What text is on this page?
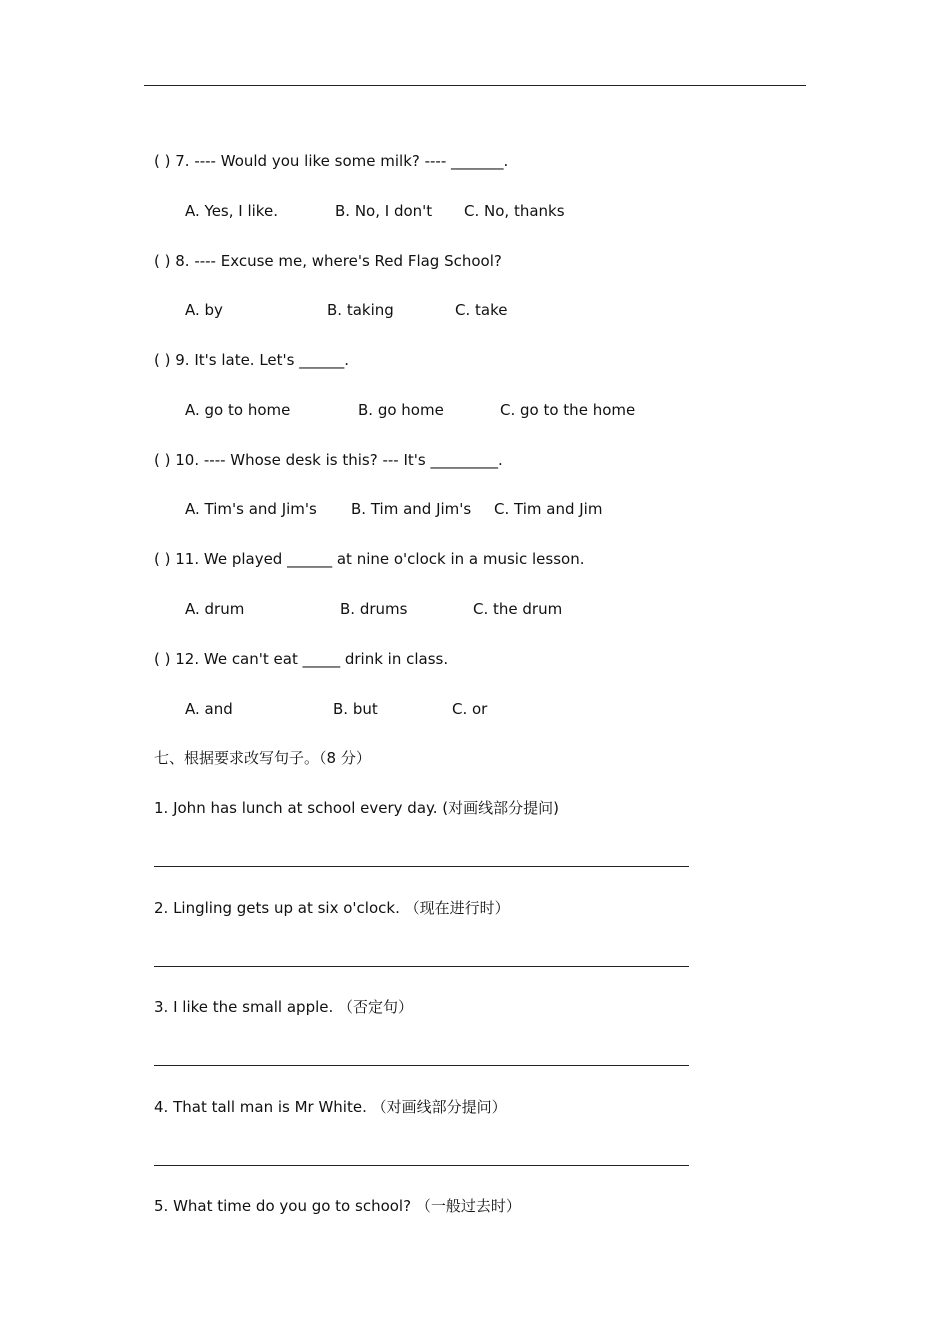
( ) 7. ---- Would you like some milk? ---- _______.
A. Yes, I like.	B. No, I don't C. No, thanks
( ) 8. ---- Excuse me, where's Red Flag School?
A. by	B. taking	C. take
( ) 9. It's late. Let's ______.
A. go to home	B. go home	C. go to the home
( ) 10. ---- Whose desk is this? --- It's _________.
A. Tim's and Jim's B. Tim and Jim's C. Tim and Jim
( ) 11. We played ______ at nine o'clock in a music lesson.
A. drum	B. drums	C. the drum
( ) 12. We can't eat _____ drink in class.
A. and	B. but	C. or
七、根据要求改写句子。（8 分）
1. John has lunch at school every day. (对画线部分提问)
2. Lingling gets up at six o'clock. （现在进行时）
3. I like the small apple. （否定句）
4. That tall man is Mr White. （对画线部分提问）
5. What time do you go to school? （一般过去时）
